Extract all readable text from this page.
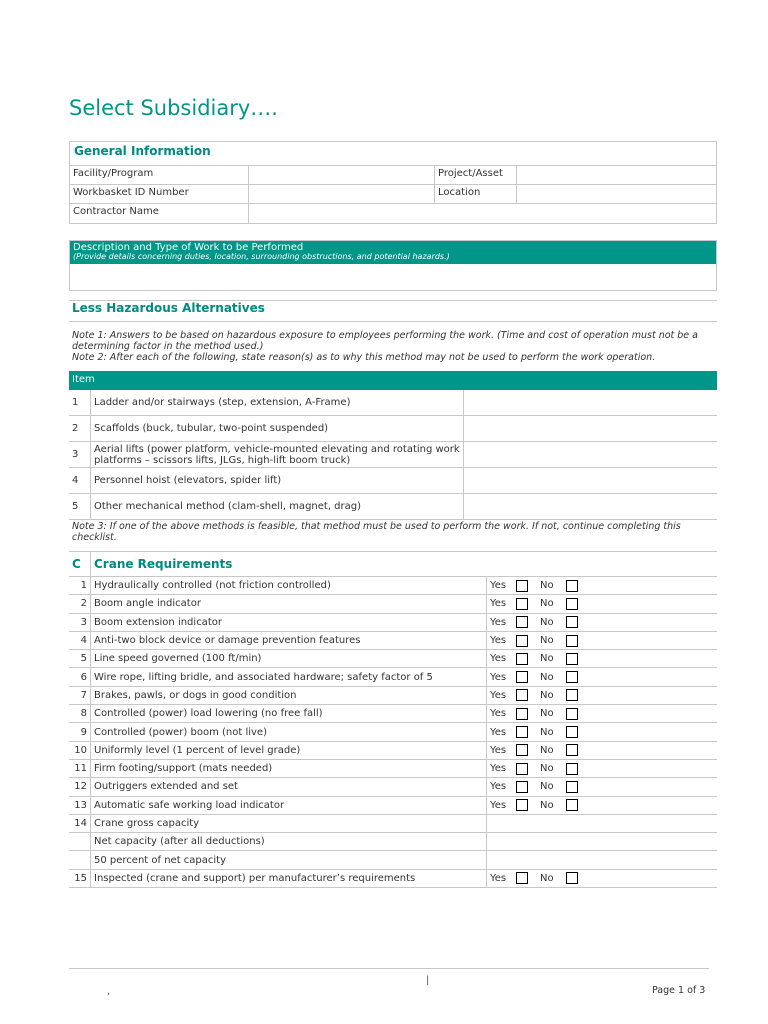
Select Subsidiary….
General Information
Facility/Program	Project/Asset
Workbasket ID Number	Location
Contractor Name
Description and Type of Work to be Performed
(Provide details concerning duties, location, surrounding obstructions, and potential hazards.)
Less Hazardous Alternatives
Note 1: Answers to be based on hazardous exposure to employees performing the work. (Time and cost of operation must not be a determining factor in the method used.)
Note 2: After each of the following, state reason(s) as to why this method may not be used to perform the work operation.
Item
1	Ladder and/or stairways (step, extension, A-Frame)
2	Scaffolds (buck, tubular, two-point suspended)
3	Aerial lifts (power platform, vehicle-mounted elevating and rotating work platforms – scissors lifts, JLGs, high-lift boom truck)
4	Personnel hoist (elevators, spider lift)
5	Other mechanical method (clam-shell, magnet, drag)
Note 3: If one of the above methods is feasible, that method must be used to perform the work. If not, continue completing this checklist.
C	Crane Requirements
1 Hydraulically controlled (not friction controlled)	Yes	No
2 Boom angle indicator	Yes	No
3 Boom extension indicator	Yes	No
4 Anti-two block device or damage prevention features	Yes	No
5 Line speed governed (100 ft/min)	Yes	No
6 Wire rope, lifting bridle, and associated hardware; safety factor of 5	Yes	No
7 Brakes, pawls, or dogs in good condition	Yes	No
8 Controlled (power) load lowering (no free fall)	Yes	No
9 Controlled (power) boom (not live)	Yes	No
10 Uniformly level (1 percent of level grade)	Yes	No
11 Firm footing/support (mats needed)	Yes	No
12 Outriggers extended and set	Yes	No
13 Automatic safe working load indicator	Yes	No
14 Crane gross capacity
Net capacity (after all deductions)
50 percent of net capacity
15 Inspected (crane and support) per manufacturer’s requirements	Yes	No
|
,	Page 1 of 3
